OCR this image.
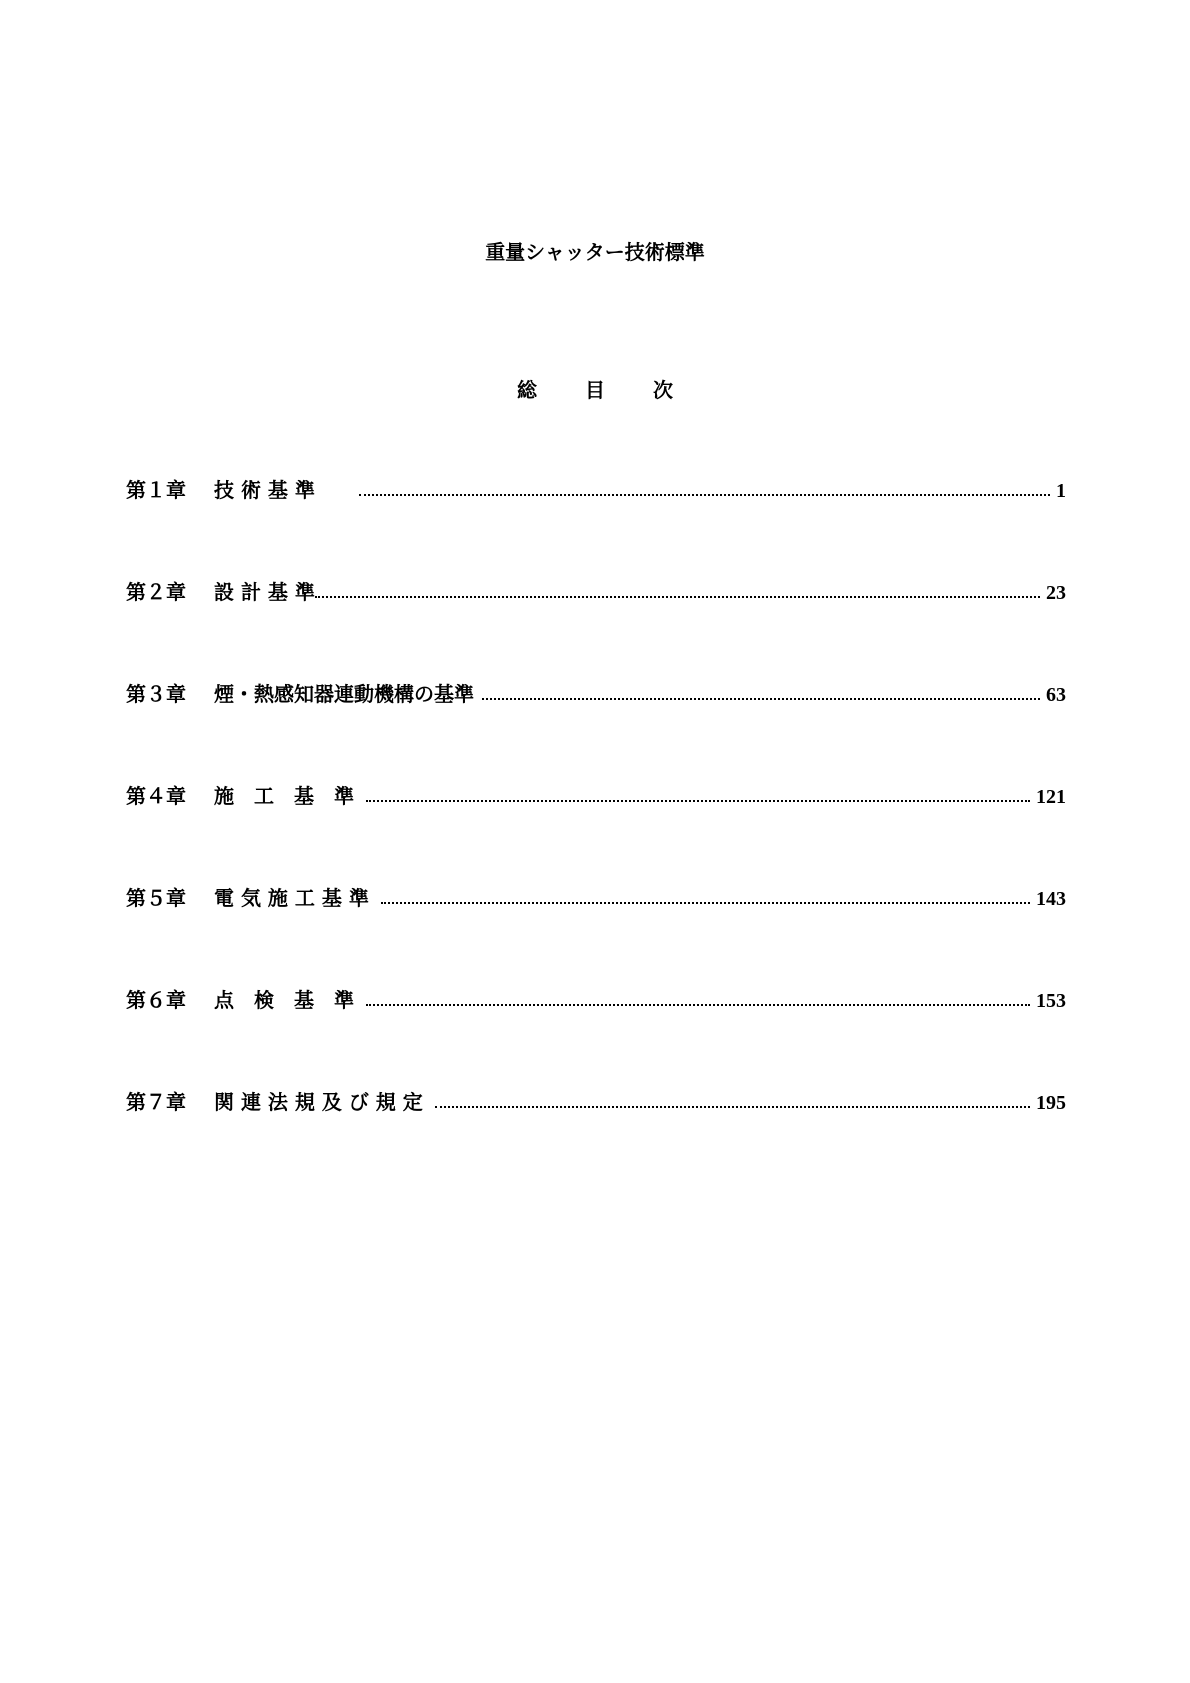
重量シャッター技術標準
総 目 次
第１章	技 術 基 準	1
第２章	設 計 基 準	23
第３章	煙・熱感知器連動機構の基準	63
第４章	施　工　基　準	121
第５章	電 気 施 工 基 準	143
第６章	点　検　基　準	153
第７章	関 連 法 規 及 び 規 定	195
